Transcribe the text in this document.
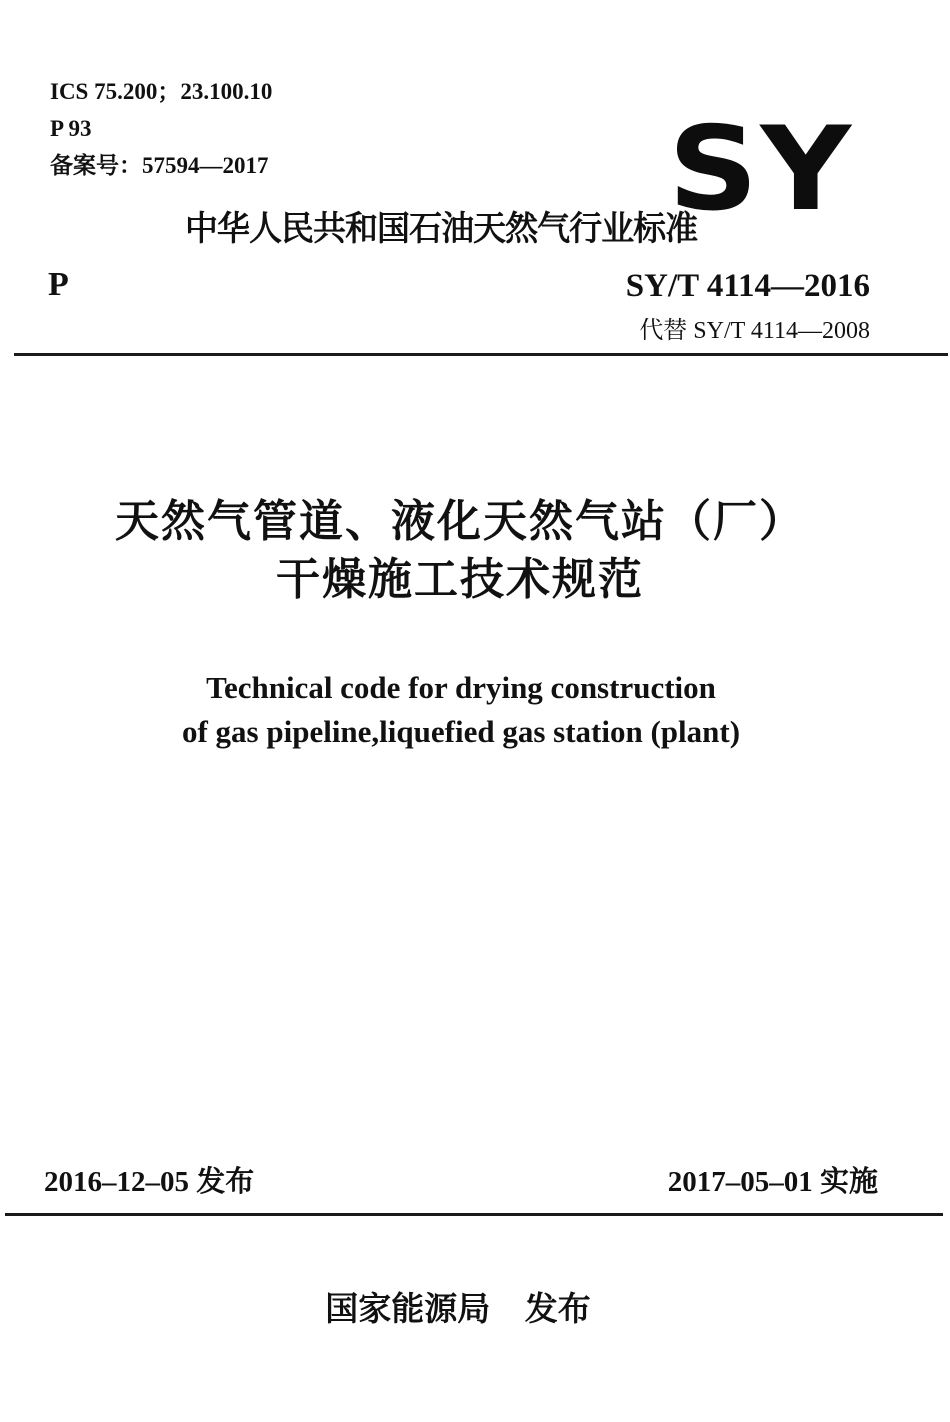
ICS 75.200；23.100.10
P 93
备案号：57594—2017	SY
中华人民共和国石油天然气行业标准
P	SY/T 4114—2016
代替 SY/T 4114—2008
天然气管道、液化天然气站（厂）
干燥施工技术规范
Technical code for drying construction
of gas pipeline,liquefied gas station (plant)
2016–12–05 发布	2017–05–01 实施
国家能源局   发布
